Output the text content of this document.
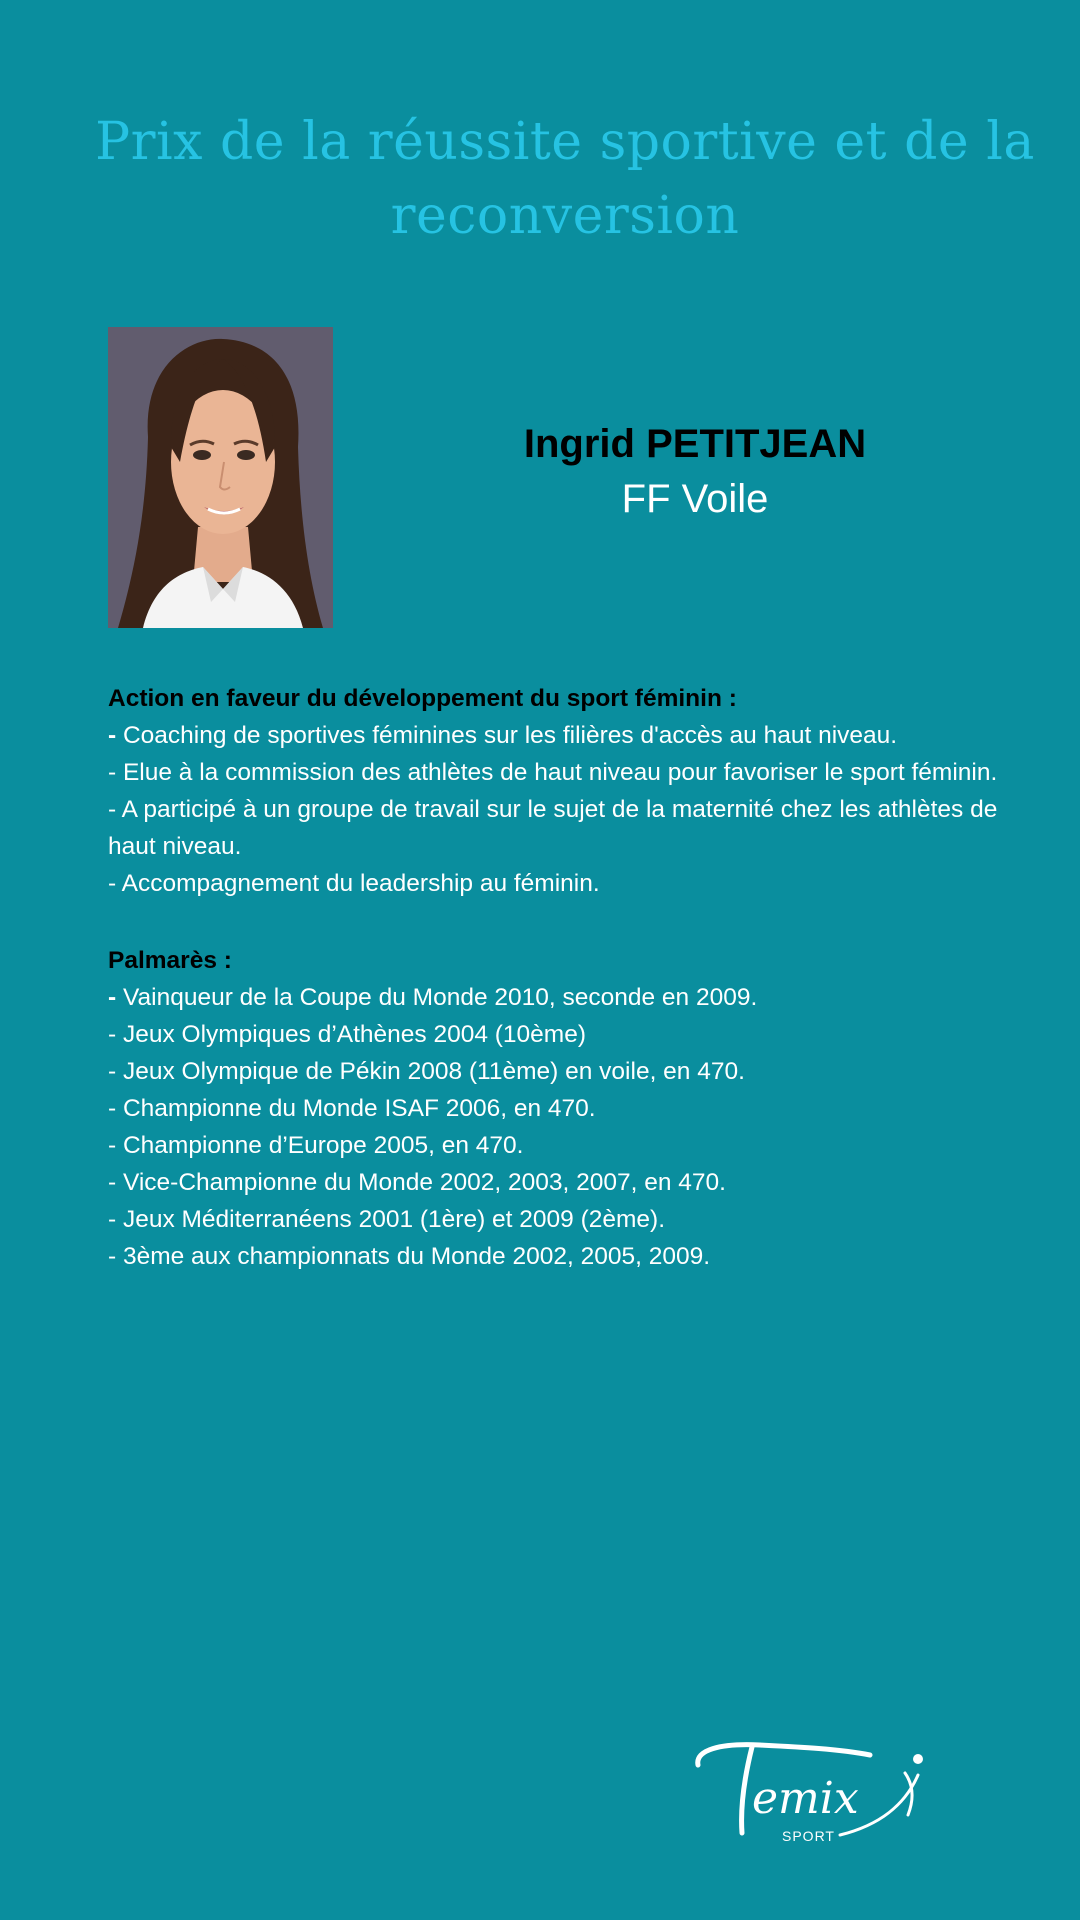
Prix de la réussite sportive et de la reconversion
Ingrid PETITJEAN
FF Voile
Action en faveur du développement du sport féminin :
- Coaching de sportives féminines sur les filières d'accès au haut niveau.
- Elue à la commission des athlètes de haut niveau pour favoriser le sport féminin.
- A participé à un groupe de travail sur le sujet de la maternité chez les athlètes de haut niveau.
- Accompagnement du leadership au féminin.
Palmarès :
- Vainqueur de la Coupe du Monde 2010, seconde en 2009.
- Jeux Olympiques d’Athènes 2004 (10ème)
- Jeux Olympique de Pékin 2008 (11ème) en voile, en 470.
- Championne du Monde ISAF 2006, en 470.
- Championne d’Europe 2005, en 470.
- Vice-Championne du Monde 2002, 2003, 2007, en 470.
- Jeux Méditerranéens 2001 (1ère) et 2009 (2ème).
- 3ème aux championnats du Monde 2002, 2005, 2009.
emix
SPORT
